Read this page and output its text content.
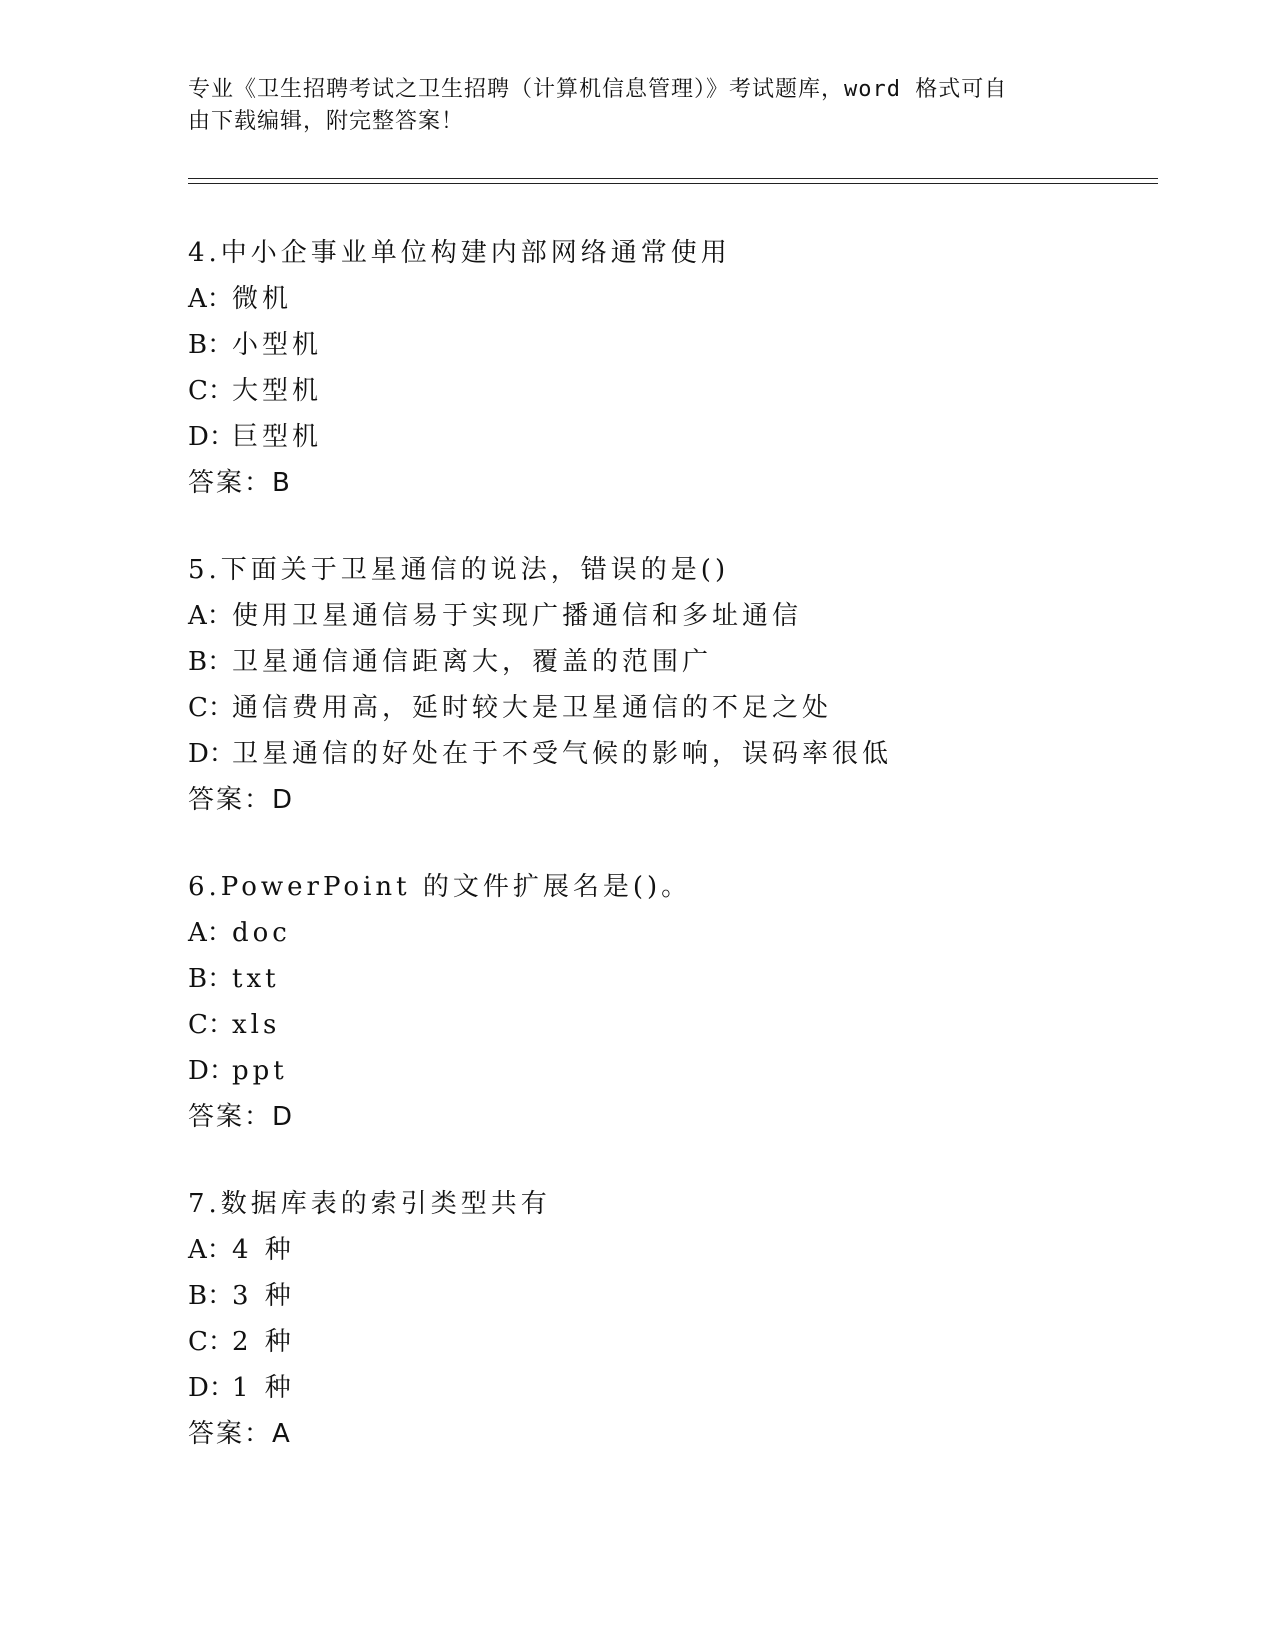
专业《卫生招聘考试之卫生招聘（计算机信息管理）》考试题库，word 格式可自
由下载编辑，附完整答案！
4.中小企事业单位构建内部网络通常使用
A：微机
B：小型机
C：大型机
D：巨型机
答案：B
5.下面关于卫星通信的说法，错误的是()
A：使用卫星通信易于实现广播通信和多址通信
B：卫星通信通信距离大，覆盖的范围广
C：通信费用高，延时较大是卫星通信的不足之处
D：卫星通信的好处在于不受气候的影响，误码率很低
答案：D
6.PowerPoint 的文件扩展名是()。
A：doc
B：txt
C：xls
D：ppt
答案：D
7.数据库表的索引类型共有
A：4 种
B：3 种
C：2 种
D：1 种
答案：A
